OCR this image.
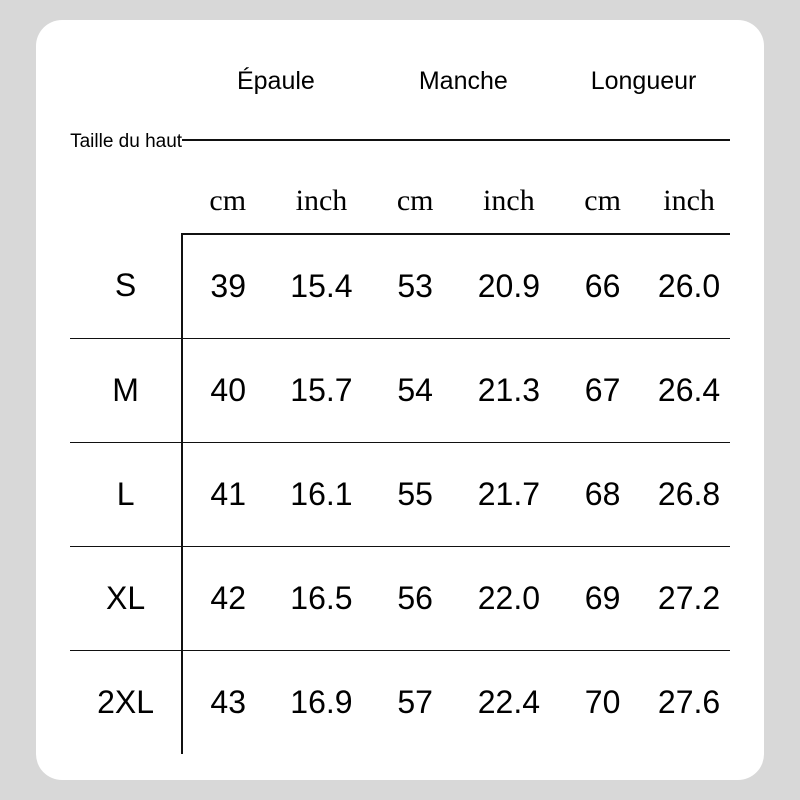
Taille du haut	Épaule		Manche		Longueur	

	cm	inch	cm	inch	cm	inch
S	39	15.4	53	20.9	66	26.0
M	40	15.7	54	21.3	67	26.4
L	41	16.1	55	21.7	68	26.8
XL	42	16.5	56	22.0	69	27.2
2XL	43	16.9	57	22.4	70	27.6
